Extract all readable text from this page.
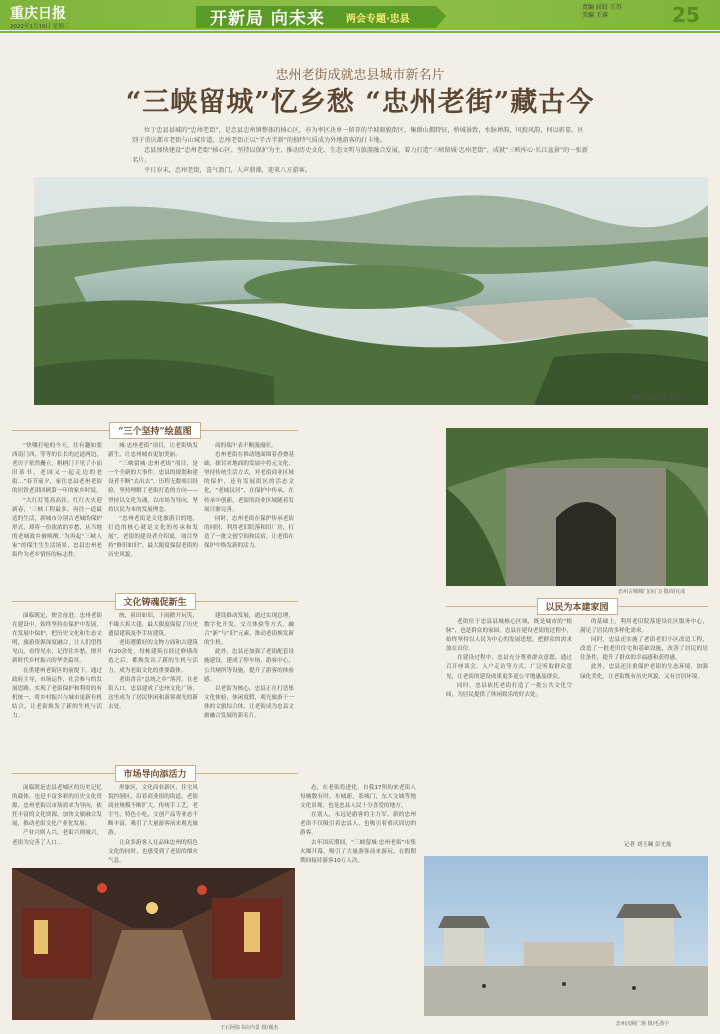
重庆日报
2022年1月19日 星期三	开新局 向未来 两会专题·忠县
责编 屈姣 王苏
美编 王睿	25
忠州老街成就忠县城市新名片
“三峡留城”忆乡愁 “忠州老街”藏古今

位于忠县县城的“忠州老街”，是忠县忠州镇整体的核心区，亦为率区块单一留存的半坡原貌街区，集群山拥特征，桥城景致，水脉禅韵，风貌风韵，何以彰显。区别于重庆都市老街与山城步道，忠州老街正以“半古半新”的独特气质成为外地游客的打卡地。

忠县加快建设“忠州老街”核心区，坚持以保护为主，推动历史文化、生态文明与旅游融合发展，着力打造“三峡留城·忠州老街”，成就“三峡库心·长江盆景”的一张新名片。

平日岁末，忠州老街，喜气盈门，人声鼎沸，迎来八方游客。

三峡库心 长江盆景 摄/余鸿
“三个坚持”绘蓝图

“快哪打枪的今天，往有趣如要西南门西，等等的长长的过道两边，老房子依然矗立，粗柄门下见了小而旧茶书，老园又一起走边的老街…”春节前夕，家住忠县老州老街的居铁老团回顾第一年的家乡时说。

“大红灯笼高高挂，红红火火迎新春，‘三峡工程最多，再往一道最适的生活，新城市分别古老城的保护形式，却将一份浓浓的乡愁，从当地的老城故乡被唤醒。’为再起“三峡人家”的保生生生活场景，忠县忠州老街作为老乡情怀的标志性。

城·忠州老街”项目，让老街焕发新生，让忠州城市更加美丽。

“三峡留城·忠州老街”项目，是一个全新的大事件，忠县的规划和建设者不断“去出去”，历程无数项目经验，坚持理解了老街打造的方向——坚持以文化为魂，以市场为导向，坚持以民为本的发展理念。

“忠州老街是文化旅游目的地，打造的核心就是文化的传承和发展”，老街的建设者介绍说，项目坚持“修旧如旧”，最大限度保留老街的历史风貌。

商的端午表不断漫漫旺。

忠州老街在推动地面围着香叠基础，探讨对地面的发展中将元文化，坚持传统生活方式，对老街商业区域的保护，还有发展街区的活态文化，“老城民居”，在保护中传承，在传承中创新，老街的商业区域随着发展日渐完善。

同时，忠州老街在保护传承老街的同时，利用老旧院落和旧厂房，打造了一批文创空间和民宿，让老街在保护中焕发新的活力。

文化铸魂促新生

面临既定，便会奋进。忠州老街在建设中，始终坚持在保护中发展，在发展中保护，把历史文化和生态文明，旅游资源深度融合，让人们望得见山，看得见水，记得住乡愁，擦开新时代乡村振兴的华美篇章。

在重建州老街区的前提下，通过政府主导，市场运作，社会参与的发展思路，实现了老街保护和利用的有机统一，将乡村振兴与城市更新有机结合，让老街焕发了新的生机与活力。

统，祖田如旧，下雨掀开玩笑，不缘大拆大建，最大限度保留了历史遗留建筑及李手坊建筑。

老街遵循好的文物方面和古建筑有20余处，每栋建筑在经过修缮改造之后，都焕发出了新的生机与活力，成为老街文化的重要载体。

老街香音“总统之乡”落营，在老街入口，忠县建成了忠州文化广场，这里成为了居民休闲和游客观光的新去处。

建设推动发展，通过实现总理，数字化开发，交互体验等方式，融合“新”与“旧”元素，推动老街焕发新的生机。

此外，忠县还加强了老街配套设施建设，建成了停车场，游客中心，公共厕所等设施，提升了游客的体验感。

以老街为核心，忠县正在打造集文化体验，休闲度假，观光旅游于一体的文旅综合体，让老街成为忠县文旅融合发展的新名片。

市场导向添活力

面临既是忠县老城区的历史记忆的载体，也是丰富多彩的历史文化资源，忠州老街以市场需求为导向，依托丰富的文化资源，加快文旅融合发展，推动老街文化产业化发展。

产业兴则人兴，老街兴则城兴，老街为完善了人口…

形象区，文化商业新区，住宅风貌控制区，沿着商业街的街道，老街商业规模不断扩大，传统手工艺，老字号，特色小吃，文创产品等业态不断丰富，吸引了大量游客前来观光旅游。

让众多游客人在品味忠州的特色文化的同时，也感受到了老街的烟火气息。

态，在老街将进化。自我17所的来老街人每辆数有时，东城新，茶城门，东大文城等地文化景观，也是忠县人民十分喜爱的地方。

在别人，永远是游客的主力军。新的忠州老街不仅吸引着忠县人，也吸引着重庆周边的游客。

去年国庆期间，“三峡留城·忠州老街”市集火爆开幕，吸引了大量游客前来游玩，在假期期间接待游客10万人次。

王石阿弥书店内景 摄/谢杰
忠州古城城门(东门) 摄/胡克成
以民为本建家园

老街位于忠县县城核心区域，既是城市的“根脉”，也是群众的家园。忠县在建设老街的过程中，始终坚持以人民为中心的发展思想，把群众的需求放在首位。

在建设过程中，忠县充分尊重群众意愿，通过召开座谈会，入户走访等方式，广泛听取群众意见，让老街的建设成果更多更公平地惠及群众。

同时，忠县依托老街打造了一批公共文化空间，为居民提供了休闲娱乐的好去处。

的基础上，利用老旧院落建设社区服务中心，满足了居民的多样化需求。

同时，忠县还实施了老街老旧小区改造工程，改造了一批老旧住宅和基础设施，改善了居民的居住条件，提升了群众的幸福感和获得感。

此外，忠县还注重保护老街的生态环境，加强绿化美化，让老街既有历史风貌，又有宜居环境。

记者 刘玉珮 彭光灿
忠州汉阙广场 摄/毛劲宇
